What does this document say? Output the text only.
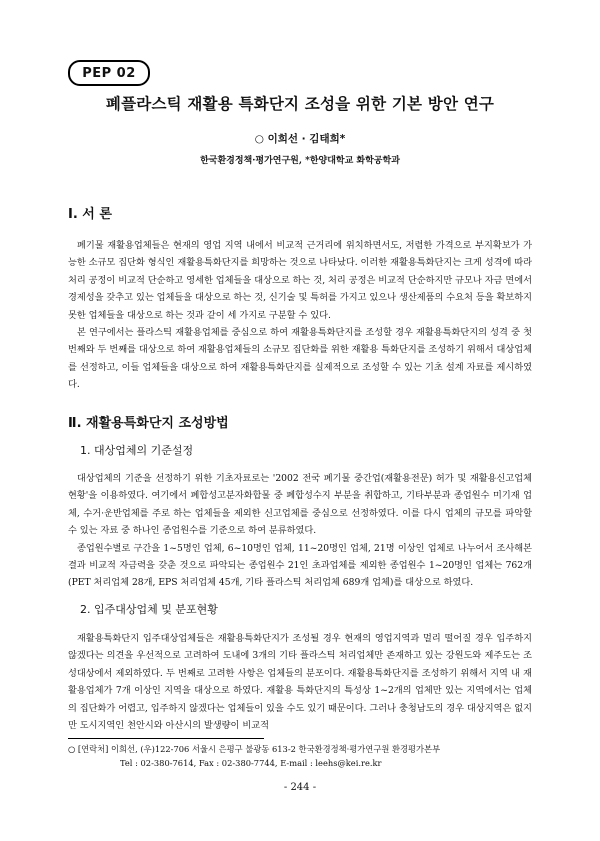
PEP 02
폐플라스틱 재활용 특화단지 조성을 위한 기본 방안 연구
○ 이희선 · 김태희*
한국환경정책·평가연구원, *한양대학교 화학공학과
Ⅰ. 서 론

폐기물 재활용업체들은 현재의 영업 지역 내에서 비교적 근거리에 위치하면서도, 저렴한 가격으로 부지확보가 가능한 소규모 집단화 형식인 재활용특화단지를 희망하는 것으로 나타났다. 이러한 재활용특화단지는 크게 성격에 따라 처리 공정이 비교적 단순하고 영세한 업체들을 대상으로 하는 것, 처리 공정은 비교적 단순하지만 규모나 자금 면에서 경제성을 갖추고 있는 업체들을 대상으로 하는 것, 신기술 및 특허를 가지고 있으나 생산제품의 수요처 등을 확보하지 못한 업체들을 대상으로 하는 것과 같이 세 가지로 구분할 수 있다.
본 연구에서는 플라스틱 재활용업체를 중심으로 하여 재활용특화단지를 조성할 경우 재활용특화단지의 성격 중 첫 번째와 두 번째를 대상으로 하여 재활용업체들의 소규모 집단화를 위한 재활용 특화단지를 조성하기 위해서 대상업체를 선정하고, 이들 업체들을 대상으로 하여 재활용특화단지를 실제적으로 조성할 수 있는 기초 설계 자료를 제시하였다.

Ⅱ. 재활용특화단지 조성방법
1. 대상업체의 기준설정

대상업체의 기준을 선정하기 위한 기초자료로는 '2002 전국 폐기물 중간업(재활용전문) 허가 및 재활용신고업체 현황'을 이용하였다. 여기에서 폐합성고분자화합물 중 폐합성수지 부분을 취합하고, 기타부분과 종업원수 미기재 업체, 수거·운반업체를 주로 하는 업체들을 제외한 신고업체를 중심으로 선정하였다. 이를 다시 업체의 규모를 파악할 수 있는 자료 중 하나인 종업원수를 기준으로 하여 분류하였다.
종업원수별로 구간을 1~5명인 업체, 6~10명인 업체, 11~20명인 업체, 21명 이상인 업체로 나누어서 조사해본 결과 비교적 자금력을 갖춘 것으로 파악되는 종업원수 21인 초과업체를 제외한 종업원수 1~20명인 업체는 762개(PET 처리업체 28개, EPS 처리업체 45개, 기타 플라스틱 처리업체 689개 업체)를 대상으로 하였다.

2. 입주대상업체 및 분포현황

재활용특화단지 입주대상업체들은 재활용특화단지가 조성될 경우 현재의 영업지역과 멀리 떨어질 경우 입주하지 않겠다는 의견을 우선적으로 고려하여 도내에 3개의 기타 플라스틱 처리업체만 존재하고 있는 강원도와 제주도는 조성대상에서 제외하였다. 두 번째로 고려한 사항은 업체들의 분포이다. 재활용특화단지를 조성하기 위해서 지역 내 재활용업체가 7개 이상인 지역을 대상으로 하였다. 재활용 특화단지의 특성상 1~2개의 업체만 있는 지역에서는 업체의 집단화가 어렵고, 입주하지 않겠다는 업체들이 있을 수도 있기 때문이다. 그러나 충청남도의 경우 대상지역은 없지만 도시지역인 천안시와 아산시의 발생량이 비교적

○ [연락처] 이희선, (우)122-706 서울시 은평구 불광동 613-2 한국환경정책·평가연구원 환경평가본부
Tel : 02-380-7614, Fax : 02-380-7744, E-mail : leehs@kei.re.kr
- 244 -
